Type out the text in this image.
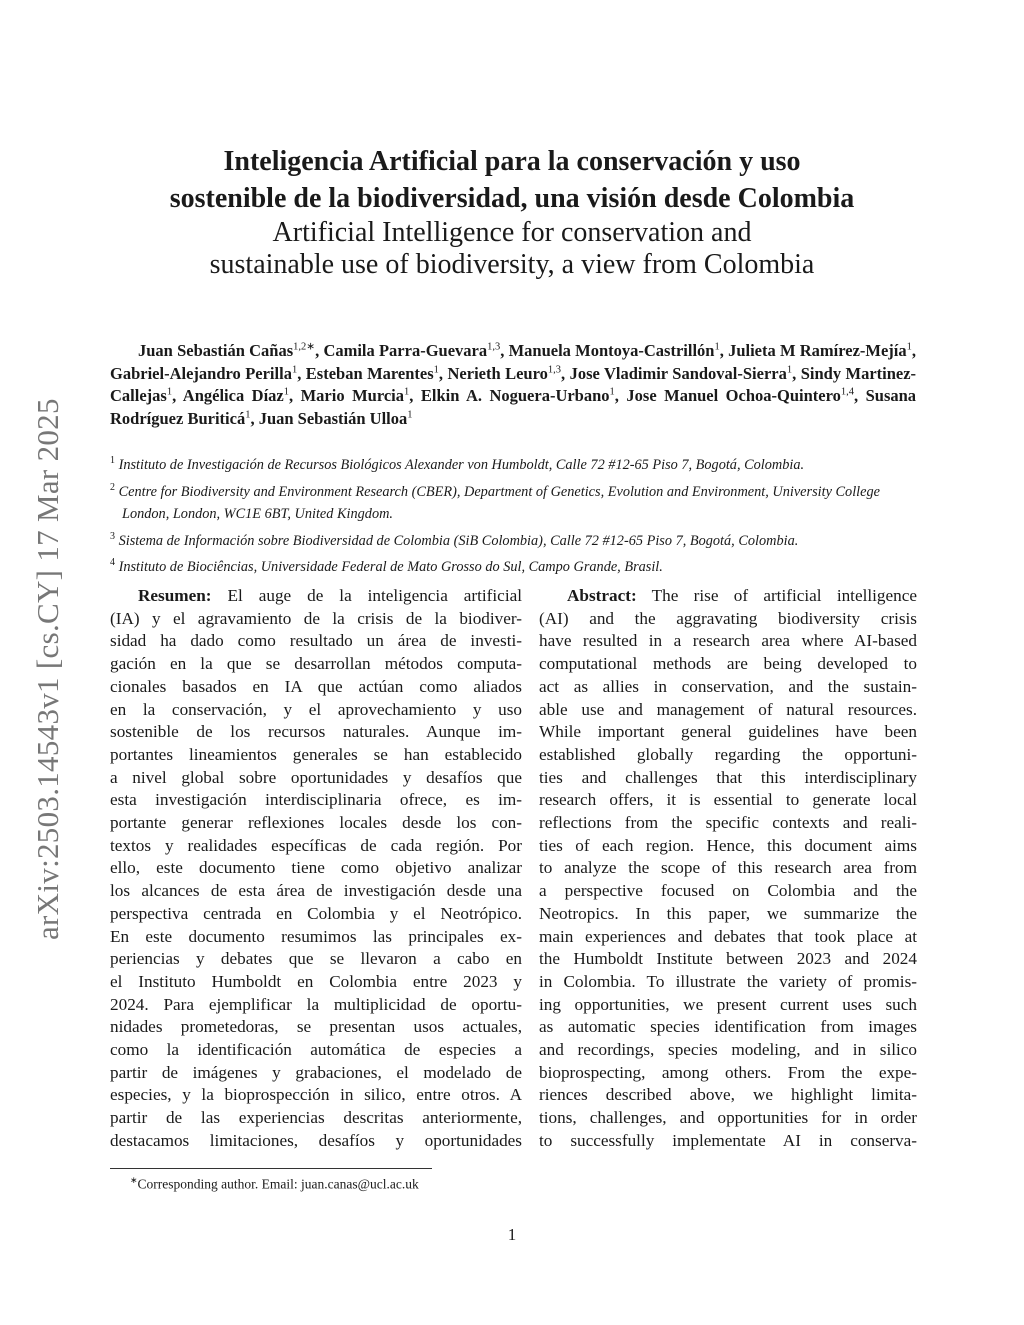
arXiv:2503.14543v1 [cs.CY] 17 Mar 2025
Inteligencia Artificial para la conservación y uso
sostenible de la biodiversidad, una visión desde Colombia
Artificial Intelligence for conservation and
sustainable use of biodiversity, a view from Colombia
Juan Sebastián Cañas$^{1,2∗}$, Camila Parra-Guevara$^{1,3}$, Manuela Montoya-Castrillón$^1$, Julieta M Ramírez-Mejía$^1$, Gabriel-Alejandro Perilla$^1$, Esteban Marentes$^1$, Nerieth Leuro$^{1,3}$, Jose Vladimir Sandoval-Sierra$^1$, Sindy Martinez-Callejas$^1$, Angélica Díaz$^1$, Mario Murcia$^1$, Elkin A. Noguera-Urbano$^1$, Jose Manuel Ochoa-Quintero$^{1,4}$, Susana Rodríguez Buriticá$^1$, Juan Sebastián Ulloa$^1$
$^1$ Instituto de Investigación de Recursos Biológicos Alexander von Humboldt, Calle 72 #12-65 Piso 7, Bogotá, Colombia.
$^2$ Centre for Biodiversity and Environment Research (CBER), Department of Genetics, Evolution and Environment, University College London, London, WC1E 6BT, United Kingdom.
$^3$ Sistema de Información sobre Biodiversidad de Colombia (SiB Colombia), Calle 72 #12-65 Piso 7, Bogotá, Colombia.
$^4$ Instituto de Biociências, Universidade Federal de Mato Grosso do Sul, Campo Grande, Brasil.
Resumen: El auge de la inteligencia artificial
(IA) y el agravamiento de la crisis de la biodiver-
sidad ha dado como resultado un área de investi-
gación en la que se desarrollan métodos computa-
cionales basados en IA que actúan como aliados
en la conservación, y el aprovechamiento y uso
sostenible de los recursos naturales. Aunque im-
portantes lineamientos generales se han establecido
a nivel global sobre oportunidades y desafíos que
esta investigación interdisciplinaria ofrece, es im-
portante generar reflexiones locales desde los con-
textos y realidades específicas de cada región. Por
ello, este documento tiene como objetivo analizar
los alcances de esta área de investigación desde una
perspectiva centrada en Colombia y el Neotrópico.
En este documento resumimos las principales ex-
periencias y debates que se llevaron a cabo en
el Instituto Humboldt en Colombia entre 2023 y
2024. Para ejemplificar la multiplicidad de oportu-
nidades prometedoras, se presentan usos actuales,
como la identificación automática de especies a
partir de imágenes y grabaciones, el modelado de
especies, y la bioprospección in silico, entre otros. A
partir de las experiencias descritas anteriormente,
destacamos limitaciones, desafíos y oportunidades
Abstract: The rise of artificial intelligence
(AI) and the aggravating biodiversity crisis
have resulted in a research area where AI-based
computational methods are being developed to
act as allies in conservation, and the sustain-
able use and management of natural resources.
While important general guidelines have been
established globally regarding the opportuni-
ties and challenges that this interdisciplinary
research offers, it is essential to generate local
reflections from the specific contexts and reali-
ties of each region. Hence, this document aims
to analyze the scope of this research area from
a perspective focused on Colombia and the
Neotropics. In this paper, we summarize the
main experiences and debates that took place at
the Humboldt Institute between 2023 and 2024
in Colombia. To illustrate the variety of promis-
ing opportunities, we present current uses such
as automatic species identification from images
and recordings, species modeling, and in silico
bioprospecting, among others. From the expe-
riences described above, we highlight limita-
tions, challenges, and opportunities for in order
to successfully implementate AI in conserva-
∗Corresponding author. Email: juan.canas@ucl.ac.uk
1
